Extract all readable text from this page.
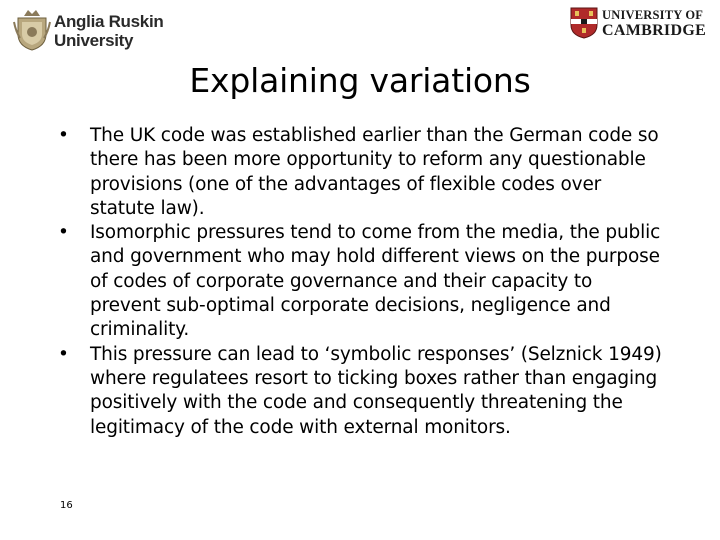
Anglia Ruskin
University
UNIVERSITY OF
CAMBRIDGE
Explaining variations
• The UK code was established earlier than the German code so there has been more opportunity to reform any questionable provisions (one of the advantages of flexible codes over statute law).
• Isomorphic pressures tend to come from the media, the public and government who may hold different views on the purpose of codes of corporate governance and their capacity to prevent sub-optimal corporate decisions, negligence and criminality.
• This pressure can lead to ‘symbolic responses’ (Selznick 1949) where regulatees resort to ticking boxes rather than engaging positively with the code and consequently threatening the legitimacy of the code with external monitors.
16
